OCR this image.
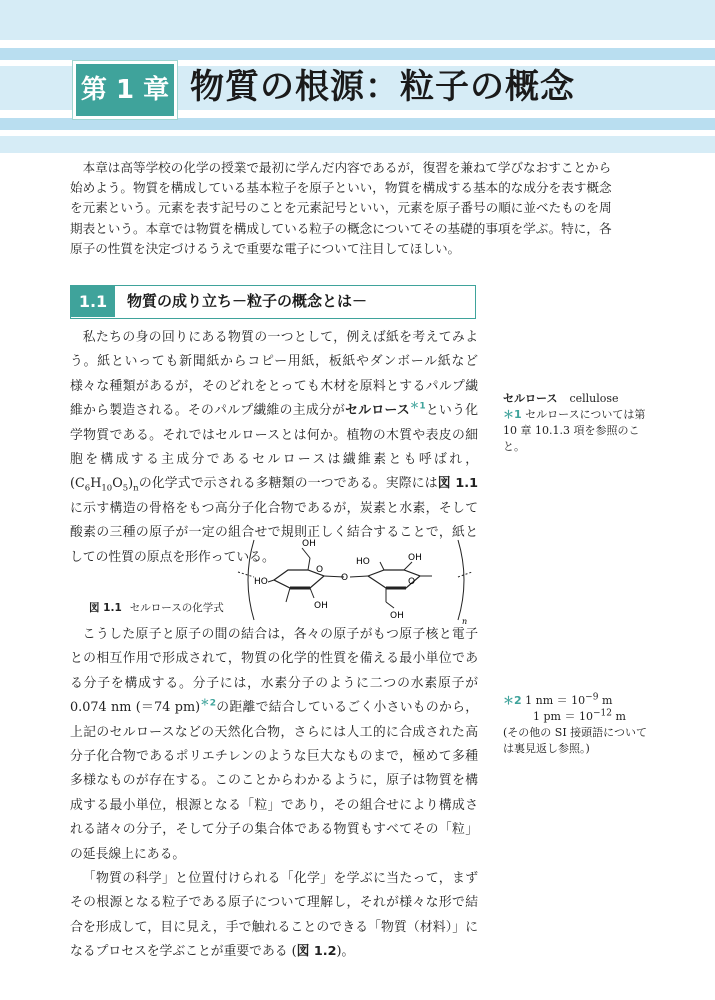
第 1 章 物質の根源：粒子の概念

本章は高等学校の化学の授業で最初に学んだ内容であるが，復習を兼ねて学びなおすことから始めよう。物質を構成している基本粒子を原子といい，物質を構成する基本的な成分を表す概念を元素という。元素を表す記号のことを元素記号といい，元素を原子番号の順に並べたものを周期表という。本章では物質を構成している粒子の概念についてその基礎的事項を学ぶ。特に，各原子の性質を決定づけるうえで重要な電子について注目してほしい。

1.1	物質の成り立ち－粒子の概念とは－

私たちの身の回りにある物質の一つとして，例えば紙を考えてみよう。紙といっても新聞紙からコピー用紙，板紙やダンボール紙など様々な種類があるが，そのどれをとっても木材を原料とするパルプ繊維から製造される。そのパルプ繊維の主成分がセルロース$^{*1}$という化学物質である。それではセルロースとは何か。植物の木質や表皮の細胞を構成する主成分であるセルロースは繊維素とも呼ばれ，$(C_6H_{10}O_5)_n$の化学式で示される多糖類の一つである。実際には図 1.1に示す構造の骨格をもつ高分子化合物であるが，炭素と水素，そして酸素の三種の原子が一定の組合せで規則正しく結合することで，紙としての性質の原点を形作っている。

OH
HO
O
OH
O
HO	OH
O
OH
n
図 1.1 セルロースの化学式

こうした原子と原子の間の結合は，各々の原子がもつ原子核と電子との相互作用で形成されて，物質の化学的性質を備える最小単位である分子を構成する。分子には，水素分子のように二つの水素原子が 0.074 nm (＝74 pm)$^{*2}$の距離で結合しているごく小さいものから，上記のセルロースなどの天然化合物，さらには人工的に合成された高分子化合物であるポリエチレンのような巨大なものまで，極めて多種多様なものが存在する。このことからわかるように，原子は物質を構成する最小単位，根源となる「粒」であり，その組合せにより構成される諸々の分子，そして分子の集合体である物質もすべてその「粒」の延長線上にある。

「物質の科学」と位置付けられる「化学」を学ぶに当たって，まずその根源となる粒子である原子について理解し，それが様々な形で結合を形成して，目に見え，手で触れることのできる「物質（材料）」になるプロセスを学ぶことが重要である (図 1.2)。

セルロース cellulose
＊1 セルロースについては第 10 章 10.1.3 項を参照のこと。
＊2 1 nm ＝ $10^{-9}$ m
1 pm ＝ $10^{-12}$ m
(その他の SI 接頭語については裏見返し参照。)
